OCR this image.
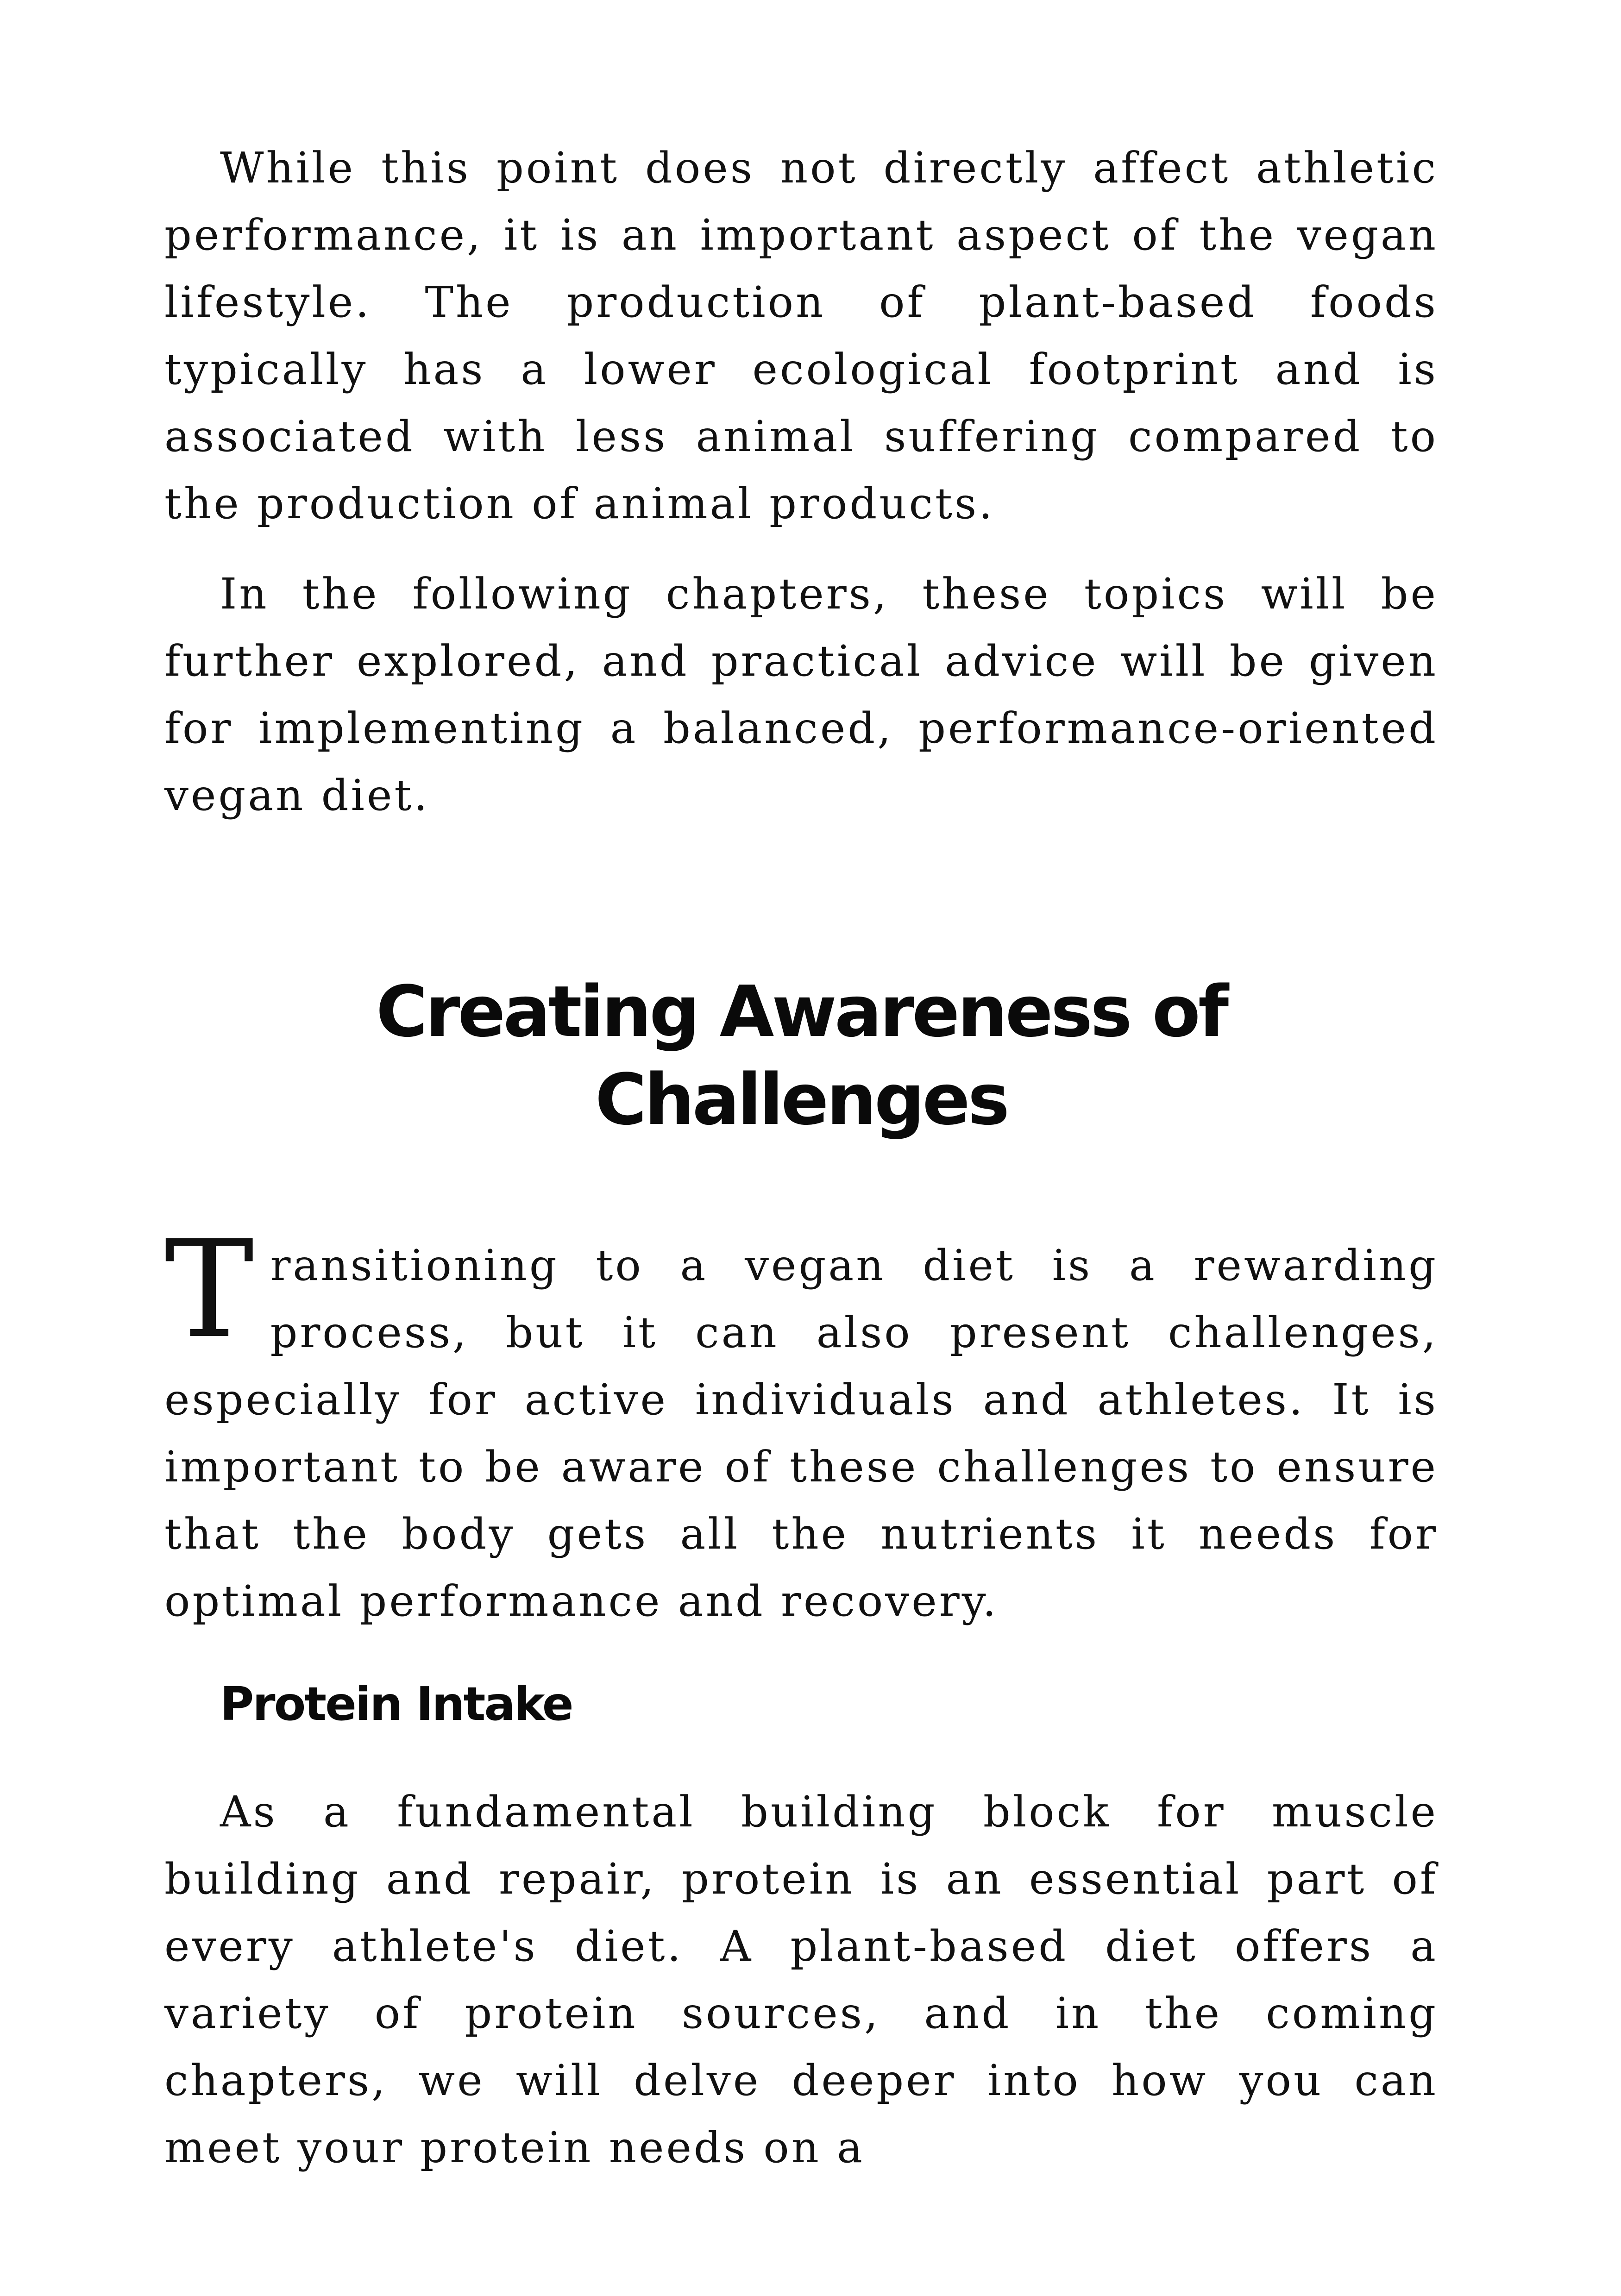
While this point does not directly affect athletic performance, it is an important aspect of the vegan lifestyle. The production of plant-based foods typically has a lower ecological footprint and is associated with less animal suffering compared to the production of animal products.

In the following chapters, these topics will be further explored, and practical advice will be given for implementing a balanced, performance-oriented vegan diet.

Creating Awareness of Challenges

Transitioning to a vegan diet is a rewarding process, but it can also present challenges, especially for active individuals and athletes. It is important to be aware of these challenges to ensure that the body gets all the nutrients it needs for optimal performance and recovery.

Protein Intake

As a fundamental building block for muscle building and repair, protein is an essential part of every athlete's diet. A plant-based diet offers a variety of protein sources, and in the coming chapters, we will delve deeper into how you can meet your protein needs on a
